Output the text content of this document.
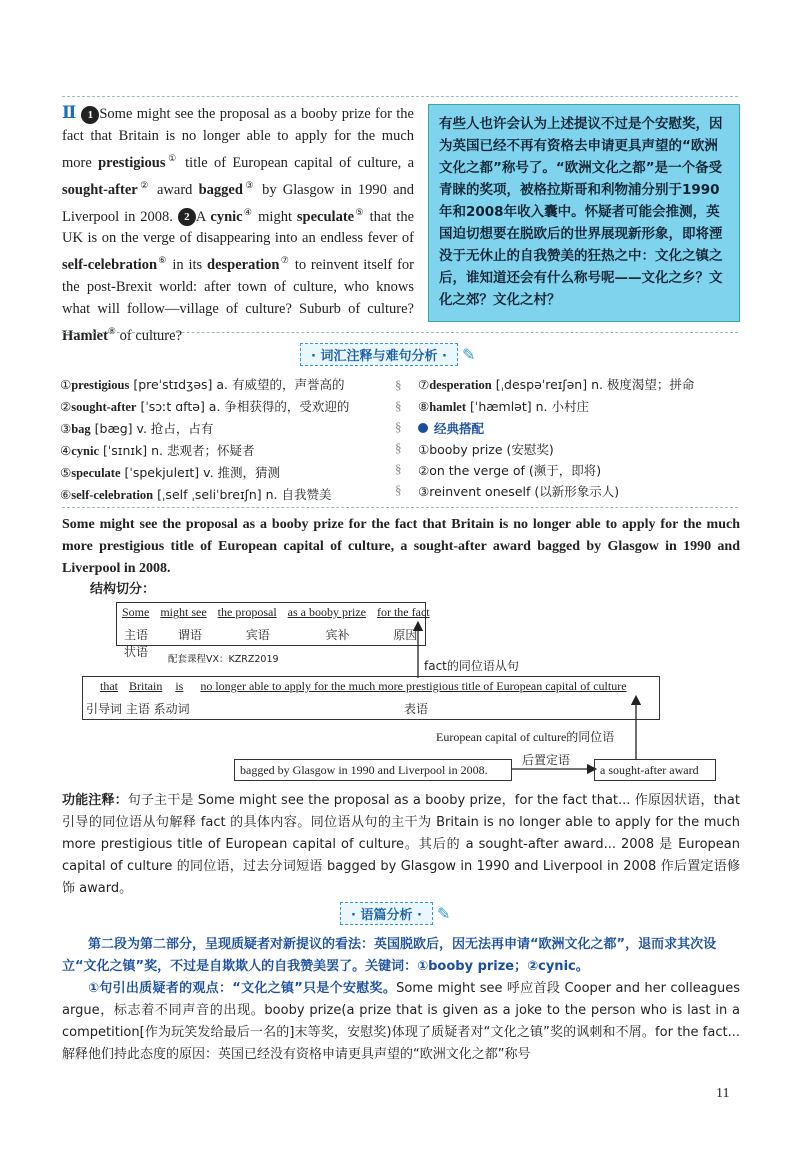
Ⅱ 1 Some might see the proposal as a booby prize for the fact that Britain is no longer able to apply for the much more prestigious① title of European capital of culture, a sought-after② award bagged③ by Glasgow in 1990 and Liverpool in 2008. 2 A cynic④ might speculate⑤ that the UK is on the verge of disappearing into an endless fever of self-celebration⑥ in its desperation⑦ to reinvent itself for the post-Brexit world: after town of culture, who knows what will follow—village of culture? Suburb of culture? Hamlet⑧ of culture?
有些人也许会认为上述提议不过是个安慰奖，因为英国已经不再有资格去申请更具声望的“欧洲文化之都”称号了。“欧洲文化之都”是一个备受青睐的奖项，被格拉斯哥和利物浦分别于1990年和2008年收入囊中。怀疑者可能会推测，英国迫切想要在脱欧后的世界展现新形象，即将湮没于无休止的自我赞美的狂热之中：文化之镇之后，谁知道还会有什么称号呢——文化之乡？文化之郊？文化之村？
· 词汇注释与难句分析 · ✎
①prestigious [preˈstɪdʒəs] a. 有威望的，声誉高的
②sought-after [ˈsɔːt ɑftə] a. 争相获得的，受欢迎的
③bag [bæg] v. 抢占，占有
④cynic [ˈsɪnɪk] n. 悲观者；怀疑者
⑤speculate [ˈspekjuleɪt] v. 推测，猜测
⑥self-celebration [ˌself ˌseliˈbreɪʃn] n. 自我赞美
§
§
§
§
§
§
⑦desperation [ˌdespəˈreɪʃən] n. 极度渴望；拼命
⑧hamlet [ˈhæmlət] n. 小村庄
经典搭配
①booby prize (安慰奖)
②on the verge of (濒于，即将)
③reinvent oneself (以新形象示人)
Some might see the proposal as a booby prize for the fact that Britain is no longer able to apply for the much more prestigious title of European capital of culture, a sought-after award bagged by Glasgow in 1990 and Liverpool in 2008.
结构切分：
Some might see the proposal as a booby prize for the fact
主语 谓语	宾语	宾补	原因状语
配套课程VX：KZRZ2019	fact的同位语从句
that Britain is no longer able to apply for the much more prestigious title of European capital of culture
引导词 主语 系动词	表语
European capital of culture的同位语
后置定语
bagged by Glasgow in 1990 and Liverpool in 2008.	a sought-after award
功能注释：句子主干是 Some might see the proposal as a booby prize，for the fact that... 作原因状语，that 引导的同位语从句解释 fact 的具体内容。同位语从句的主干为 Britain is no longer able to apply for the much more prestigious title of European capital of culture。其后的 a sought-after award... 2008 是 European capital of culture 的同位语，过去分词短语 bagged by Glasgow in 1990 and Liverpool in 2008 作后置定语修饰 award。
· 语篇分析 · ✎
第二段为第二部分，呈现质疑者对新提议的看法：英国脱欧后，因无法再申请“欧洲文化之都”，退而求其次设立“文化之镇”奖，不过是自欺欺人的自我赞美罢了。关键词：①booby prize；②cynic。
①句引出质疑者的观点：“文化之镇”只是个安慰奖。Some might see 呼应首段 Cooper and her colleagues argue，标志着不同声音的出现。booby prize(a prize that is given as a joke to the person who is last in a competition[作为玩笑发给最后一名的]末等奖，安慰奖)体现了质疑者对“文化之镇”奖的讽刺和不屑。for the fact...解释他们持此态度的原因：英国已经没有资格申请更具声望的“欧洲文化之都”称号
11
